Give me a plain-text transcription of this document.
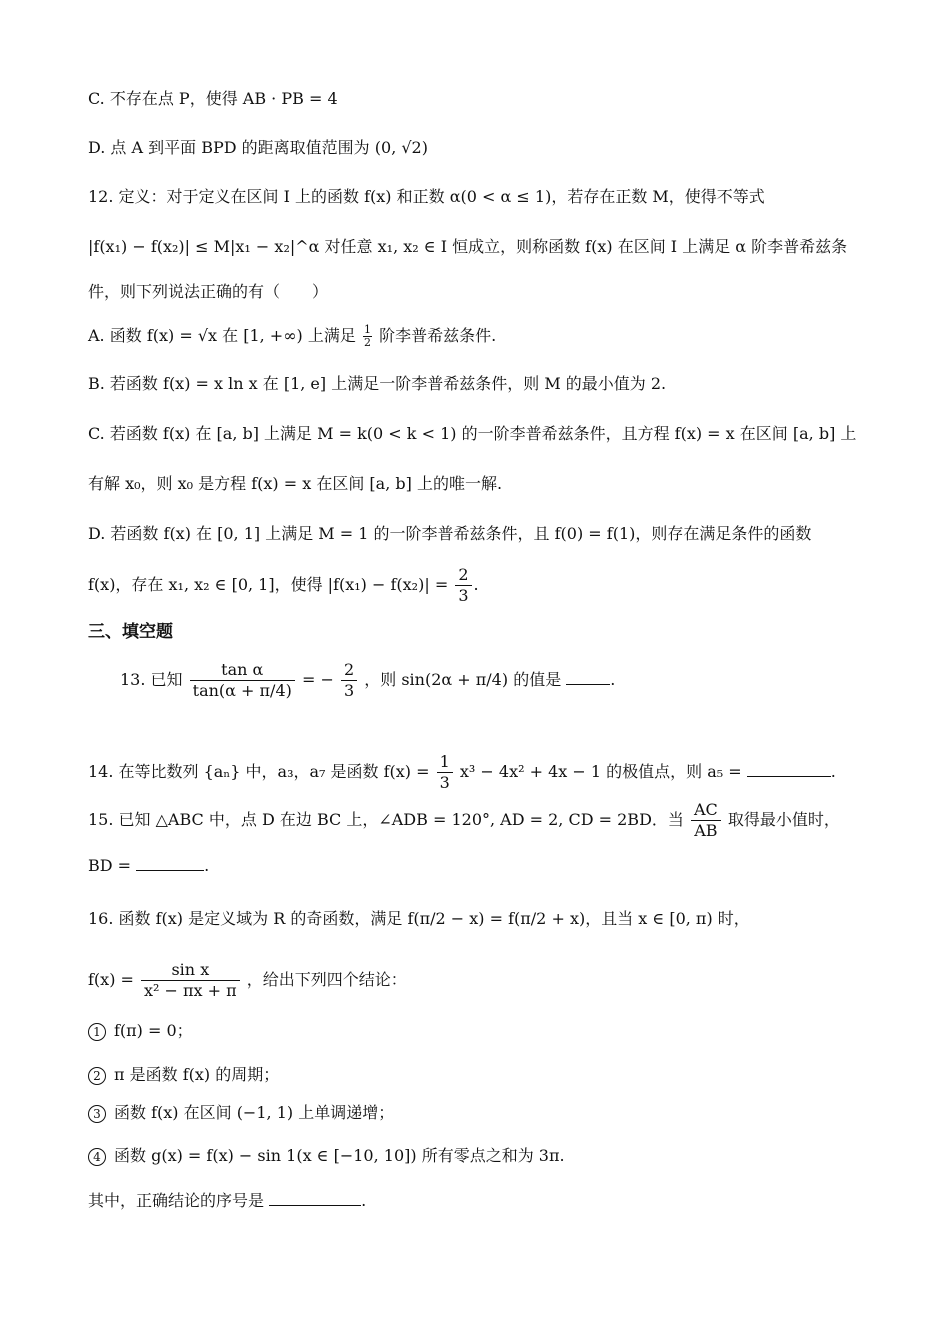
C. 不存在点 P，使得 AB · PB = 4
D. 点 A 到平面 BPD 的距离取值范围为 (0, √2)
12. 定义：对于定义在区间 I 上的函数 f(x) 和正数 α(0 < α ≤ 1)，若存在正数 M，使得不等式
|f(x₁) − f(x₂)| ≤ M|x₁ − x₂|^α 对任意 x₁, x₂ ∈ I 恒成立，则称函数 f(x) 在区间 I 上满足 α 阶李普希兹条
件，则下列说法正确的有（　　）
A. 函数 f(x) = √x 在 [1, +∞) 上满足 $\frac{1}{2}$ 阶李普希兹条件.
B. 若函数 f(x) = x ln x 在 [1, e] 上满足一阶李普希兹条件，则 M 的最小值为 2.
C. 若函数 f(x) 在 [a, b] 上满足 M = k(0 < k < 1) 的一阶李普希兹条件，且方程 f(x) = x 在区间 [a, b] 上
有解 x₀，则 x₀ 是方程 f(x) = x 在区间 [a, b] 上的唯一解.
D. 若函数 f(x) 在 [0, 1] 上满足 M = 1 的一阶李普希兹条件，且 f(0) = f(1)，则存在满足条件的函数
f(x)，存在 x₁, x₂ ∈ [0, 1]，使得 $|f(x_1) - f(x_2)| = \frac{2}{3}$ .
三、填空题
13. 已知 $\frac{\text{tan α}}{\tan(\alpha + \pi/4)}$ = − $\frac{2}{3}$ ，则 sin(2α + π/4) 的值是	.
14. 在等比数列 {aₙ} 中，a₃，a₇ 是函数 $f(x) = \frac{1}{3} x^3 - 4x^2 + 4x - 1$ 的极值点，则 a₅ =	.
15. 已知 △ABC 中，点 D 在边 BC 上，∠ADB = 120°, AD = 2, CD = 2BD．当 $\frac{AC}{AB}$ 取得最小值时，
BD =	.
16. 函数 f(x) 是定义域为 R 的奇函数，满足 f(π/2 − x) = f(π/2 + x)，且当 x ∈ [0, π) 时，
$f(x) = \frac{\text{sin x}}{\text{x² − πx + π}}$ ，给出下列四个结论：
1 f(π) = 0；
2 π 是函数 f(x) 的周期；
3 函数 f(x) 在区间 (−1, 1) 上单调递增；
4 函数 g(x) = f(x) − sin 1(x ∈ [−10, 10]) 所有零点之和为 3π.
其中，正确结论的序号是	.
